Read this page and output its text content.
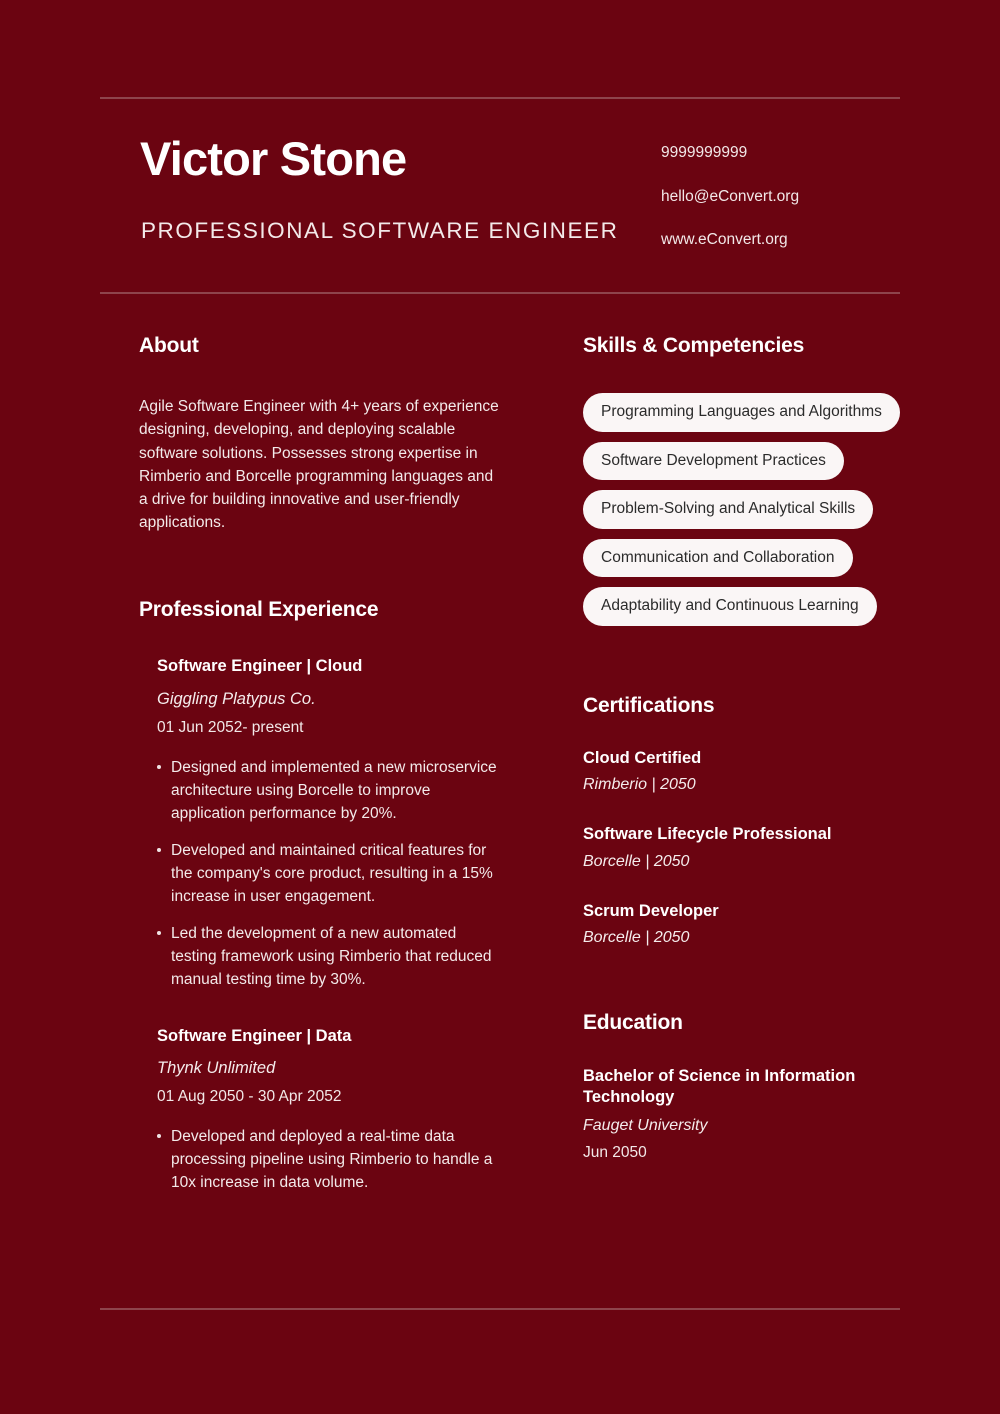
Victor Stone
PROFESSIONAL SOFTWARE ENGINEER
9999999999
hello@eConvert.org
www.eConvert.org
About
Agile Software Engineer with 4+ years of experience designing, developing, and deploying scalable software solutions. Possesses strong expertise in Rimberio and Borcelle programming languages and a drive for building innovative and user-friendly applications.
Professional Experience
Software Engineer | Cloud
Giggling Platypus Co.
01 Jun 2052- present
Designed and implemented a new microservice architecture using Borcelle to improve application performance by 20%.
Developed and maintained critical features for the company's core product, resulting in a 15% increase in user engagement.
Led the development of a new automated testing framework using Rimberio that reduced manual testing time by 30%.
Software Engineer | Data
Thynk Unlimited
01 Aug 2050 - 30 Apr 2052
Developed and deployed a real-time data processing pipeline using Rimberio to handle a 10x increase in data volume.
Skills & Competencies
Programming Languages and Algorithms
Software Development Practices
Problem-Solving and Analytical Skills
Communication and Collaboration
Adaptability and Continuous Learning
Certifications
Cloud Certified
Rimberio | 2050
Software Lifecycle Professional
Borcelle | 2050
Scrum Developer
Borcelle | 2050
Education
Bachelor of Science in Information Technology
Fauget University
Jun 2050
